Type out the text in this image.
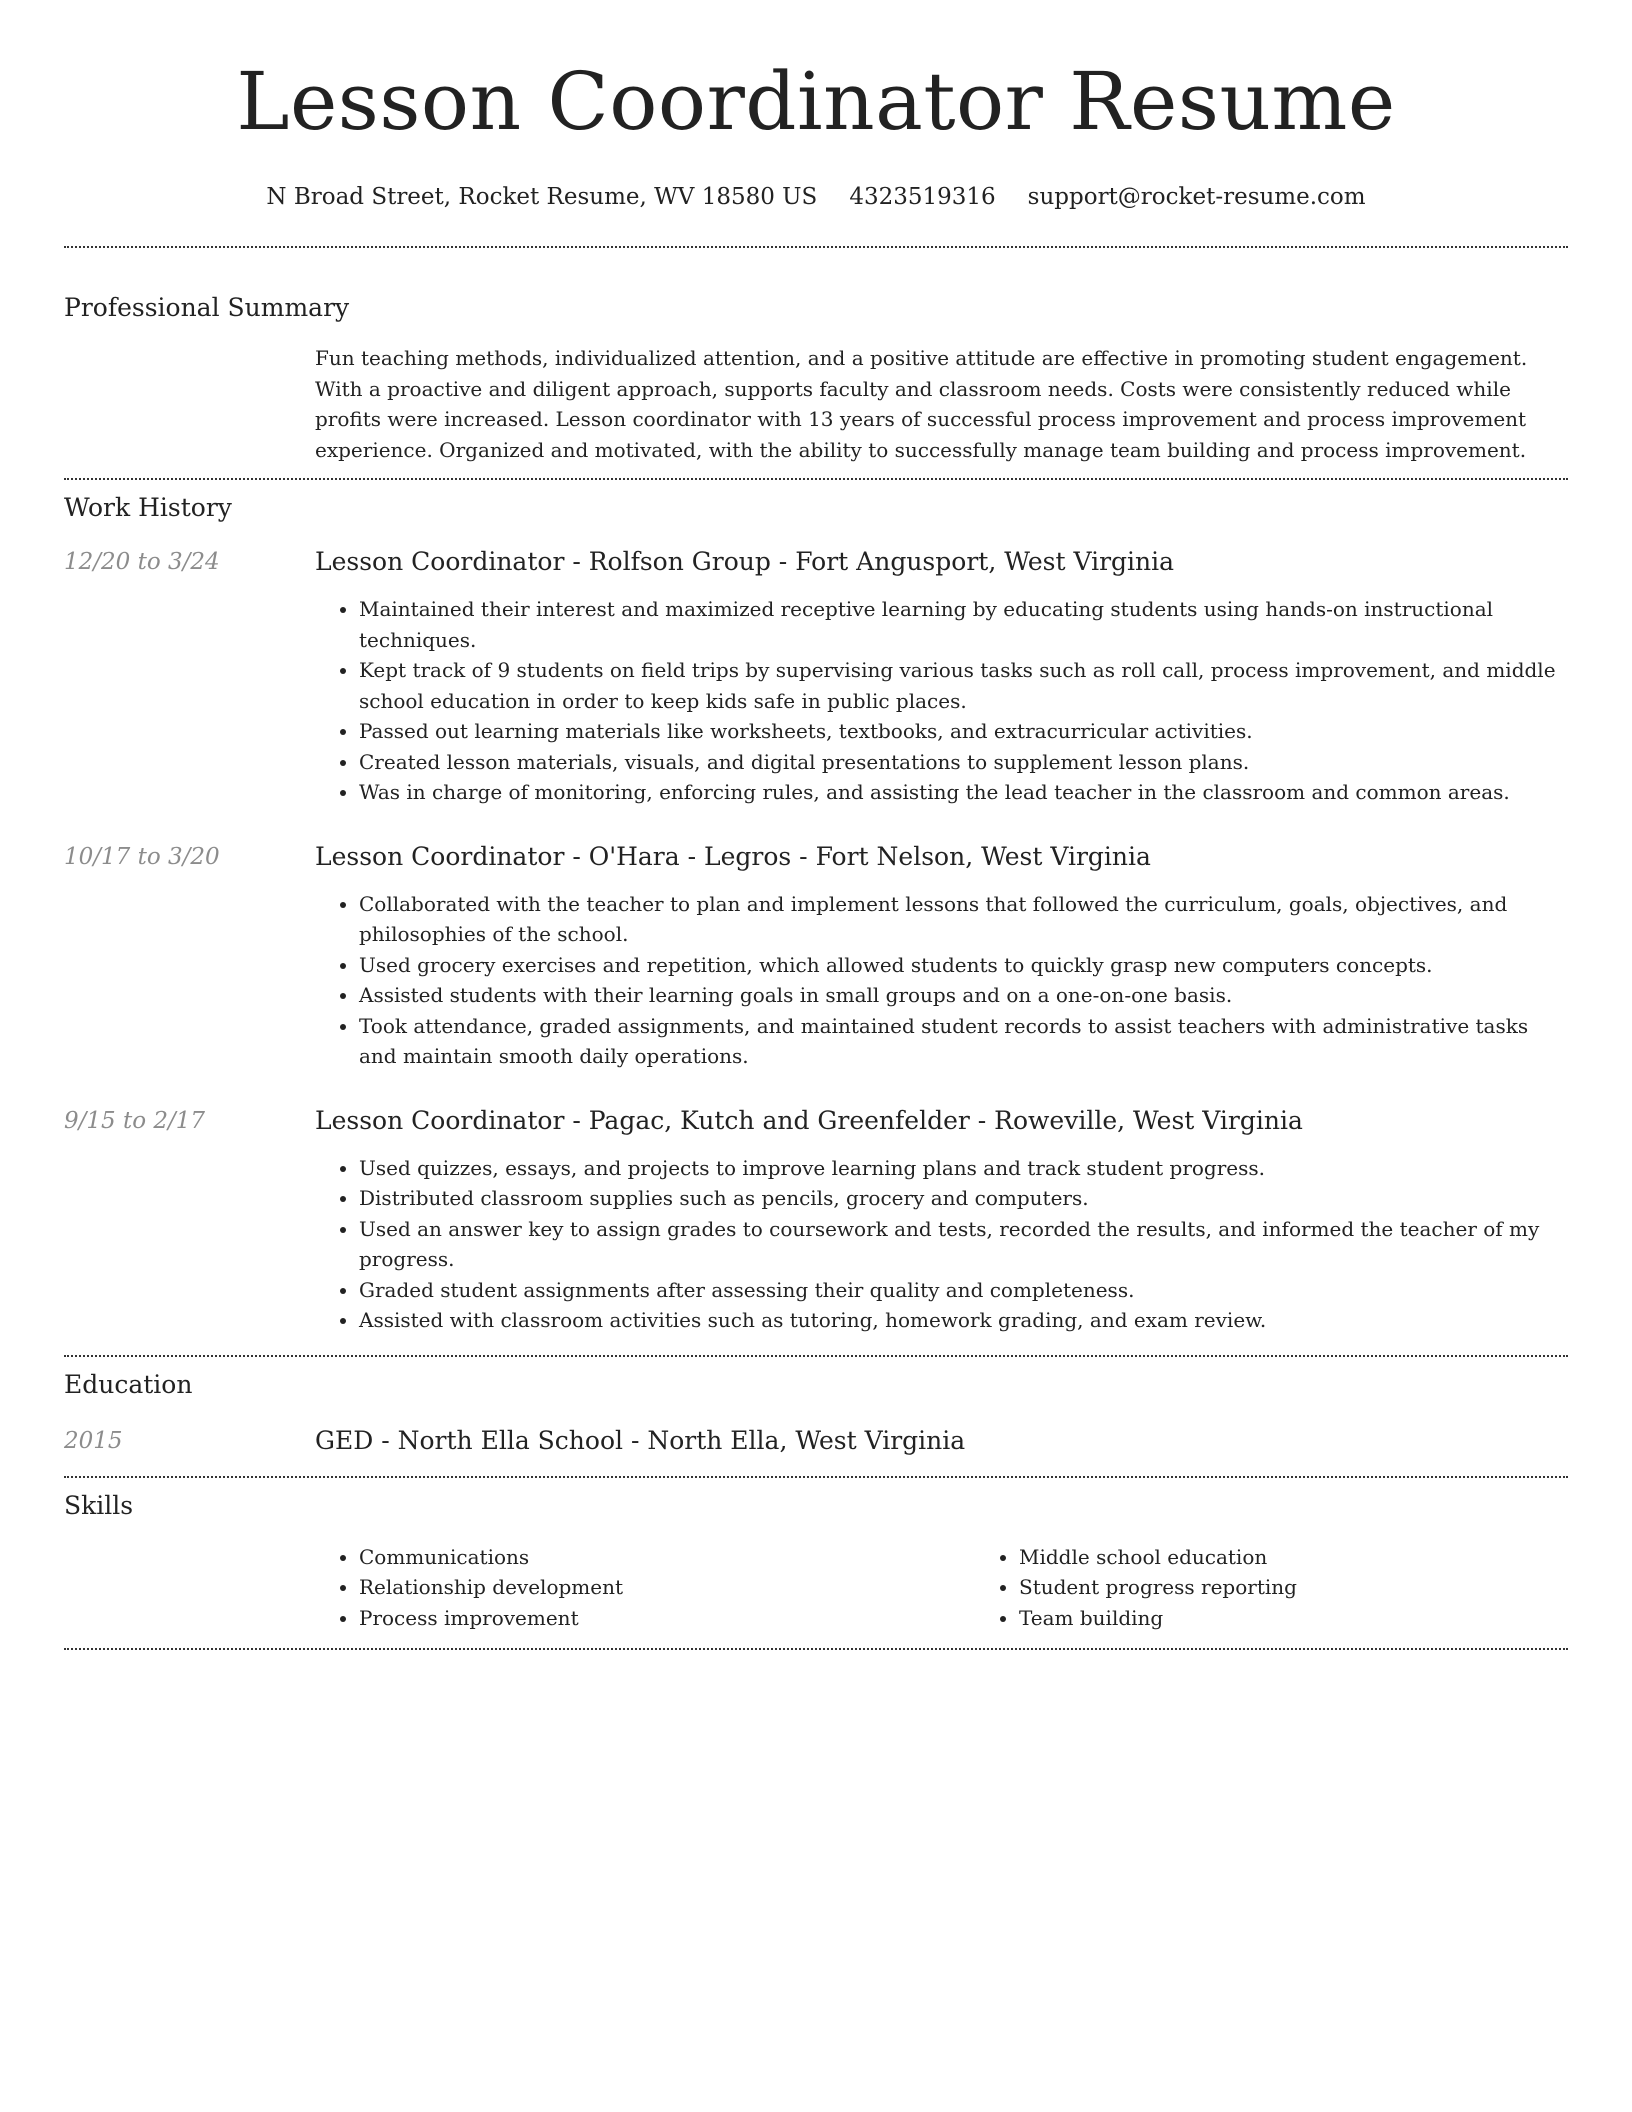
Lesson Coordinator Resume
N Broad Street, Rocket Resume, WV 18580 US 4323519316 support@rocket-resume.com
Professional Summary

Fun teaching methods, individualized attention, and a positive attitude are effective in promoting student engagement. With a proactive and diligent approach, supports faculty and classroom needs. Costs were consistently reduced while profits were increased. Lesson coordinator with 13 years of successful process improvement and process improvement experience. Organized and motivated, with the ability to successfully manage team building and process improvement.

Work History
12/20 to 3/24	Lesson Coordinator - Rolfson Group - Fort Angusport, West Virginia
• Maintained their interest and maximized receptive learning by educating students using hands-on instructional techniques.
• Kept track of 9 students on field trips by supervising various tasks such as roll call, process improvement, and middle school education in order to keep kids safe in public places.
• Passed out learning materials like worksheets, textbooks, and extracurricular activities.
• Created lesson materials, visuals, and digital presentations to supplement lesson plans.
• Was in charge of monitoring, enforcing rules, and assisting the lead teacher in the classroom and common areas.
10/17 to 3/20	Lesson Coordinator - O'Hara - Legros - Fort Nelson, West Virginia
• Collaborated with the teacher to plan and implement lessons that followed the curriculum, goals, objectives, and philosophies of the school.
• Used grocery exercises and repetition, which allowed students to quickly grasp new computers concepts.
• Assisted students with their learning goals in small groups and on a one-on-one basis.
• Took attendance, graded assignments, and maintained student records to assist teachers with administrative tasks and maintain smooth daily operations.
9/15 to 2/17	Lesson Coordinator - Pagac, Kutch and Greenfelder - Roweville, West Virginia
• Used quizzes, essays, and projects to improve learning plans and track student progress.
• Distributed classroom supplies such as pencils, grocery and computers.
• Used an answer key to assign grades to coursework and tests, recorded the results, and informed the teacher of my progress.
• Graded student assignments after assessing their quality and completeness.
• Assisted with classroom activities such as tutoring, homework grading, and exam review.
Education
2015	GED - North Ella School - North Ella, West Virginia
Skills
• Communications
• Relationship development
• Process improvement
• Middle school education
• Student progress reporting
• Team building
